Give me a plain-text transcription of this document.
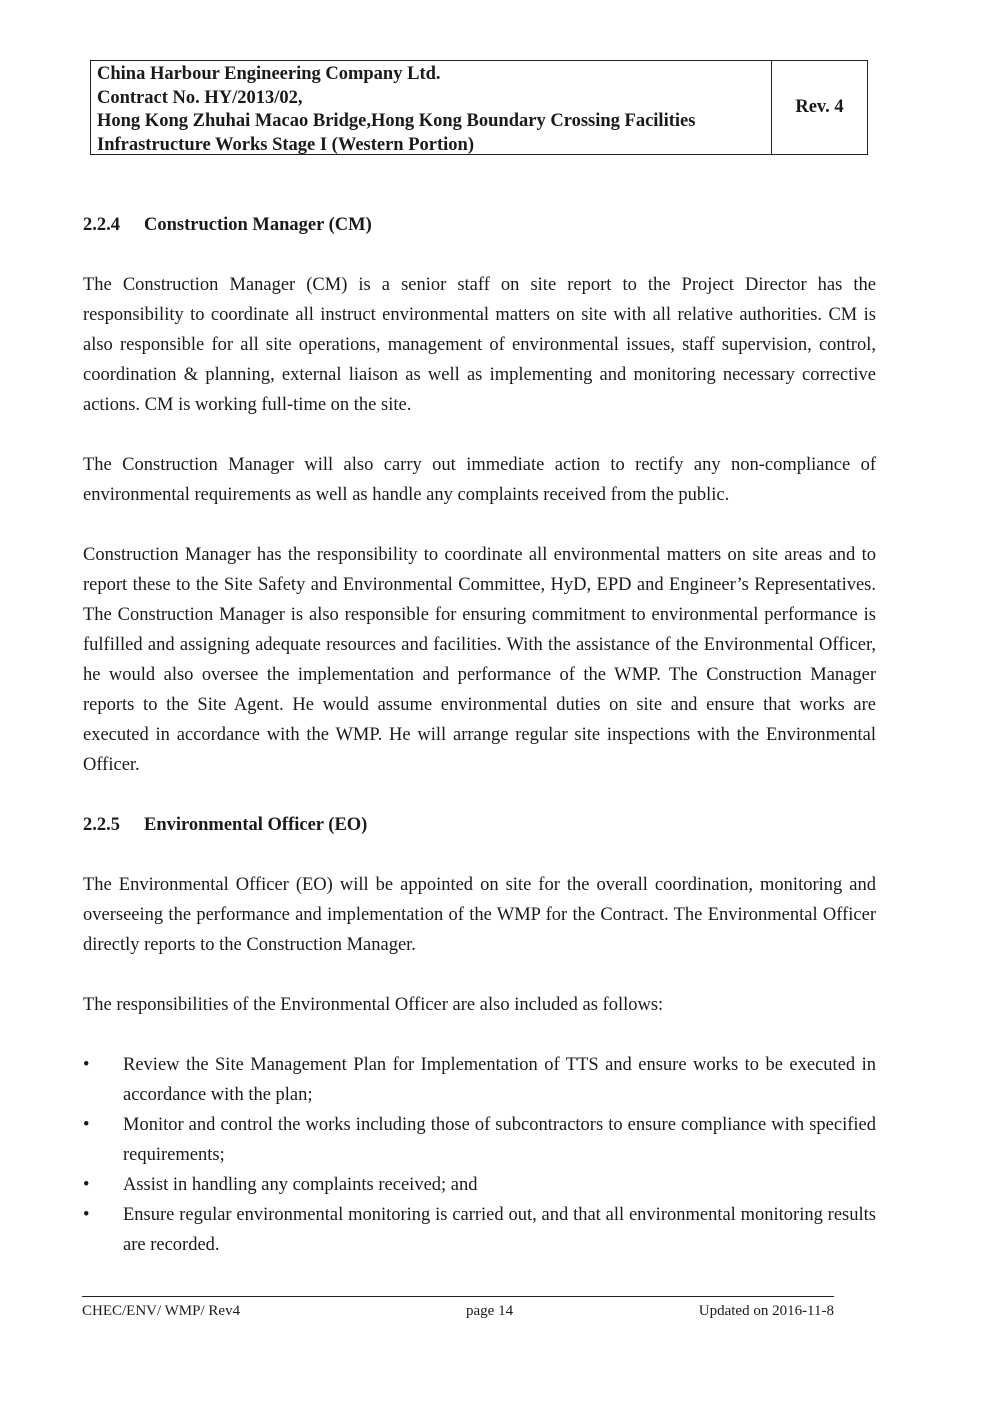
China Harbour Engineering Company Ltd.
Contract No. HY/2013/02,
Hong Kong Zhuhai Macao Bridge,Hong Kong Boundary Crossing Facilities
Infrastructure Works Stage I (Western Portion)
Rev. 4
2.2.4 Construction Manager (CM)

The Construction Manager (CM) is a senior staff on site report to the Project Director has the responsibility to coordinate all instruct environmental matters on site with all relative authorities. CM is also responsible for all site operations, management of environmental issues, staff supervision, control, coordination & planning, external liaison as well as implementing and monitoring necessary corrective actions. CM is working full-time on the site.

The Construction Manager will also carry out immediate action to rectify any non-compliance of environmental requirements as well as handle any complaints received from the public.

Construction Manager has the responsibility to coordinate all environmental matters on site areas and to report these to the Site Safety and Environmental Committee, HyD, EPD and Engineer’s Representatives. The Construction Manager is also responsible for ensuring commitment to environmental performance is fulfilled and assigning adequate resources and facilities. With the assistance of the Environmental Officer, he would also oversee the implementation and performance of the WMP. The Construction Manager reports to the Site Agent. He would assume environmental duties on site and ensure that works are executed in accordance with the WMP. He will arrange regular site inspections with the Environmental Officer.

2.2.5 Environmental Officer (EO)

The Environmental Officer (EO) will be appointed on site for the overall coordination, monitoring and overseeing the performance and implementation of the WMP for the Contract. The Environmental Officer directly reports to the Construction Manager.

The responsibilities of the Environmental Officer are also included as follows:

•	Review the Site Management Plan for Implementation of TTS and ensure works to be executed in accordance with the plan;
•	Monitor and control the works including those of subcontractors to ensure compliance with specified requirements;
•	Assist in handling any complaints received; and
•	Ensure regular environmental monitoring is carried out, and that all environmental monitoring results are recorded.
CHEC/ENV/ WMP/ Rev4	page 14	Updated on 2016-11-8
